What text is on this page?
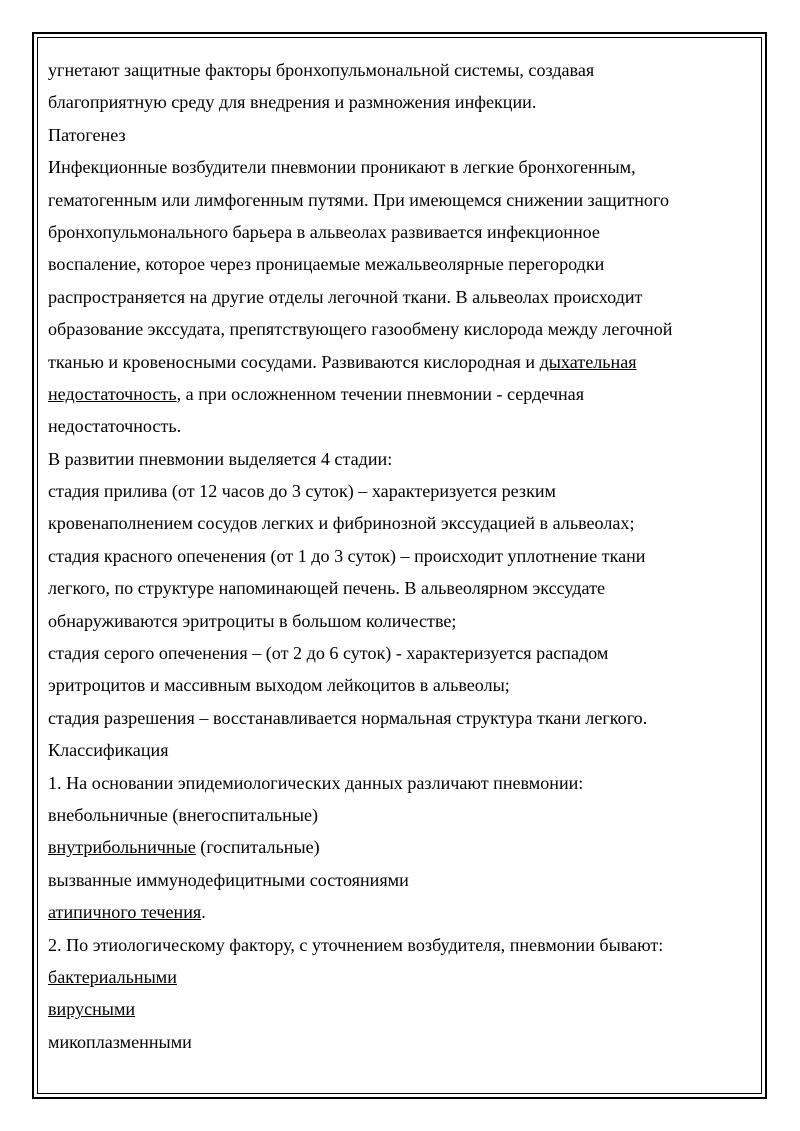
угнетают защитные факторы бронхопульмональной системы, создавая
благоприятную среду для внедрения и размножения инфекции.
Патогенез
Инфекционные возбудители пневмонии проникают в легкие бронхогенным,
гематогенным или лимфогенным путями. При имеющемся снижении защитного
бронхопульмонального барьера в альвеолах развивается инфекционное
воспаление, которое через проницаемые межальвеолярные перегородки
распространяется на другие отделы легочной ткани. В альвеолах происходит
образование экссудата, препятствующего газообмену кислорода между легочной
тканью и кровеносными сосудами. Развиваются кислородная и дыхательная
недостаточность, а при осложненном течении пневмонии - сердечная
недостаточность.
В развитии пневмонии выделяется 4 стадии:
стадия прилива (от 12 часов до 3 суток) – характеризуется резким
кровенаполнением сосудов легких и фибринозной экссудацией в альвеолах;
стадия красного опеченения (от 1 до 3 суток) – происходит уплотнение ткани
легкого, по структуре напоминающей печень. В альвеолярном экссудате
обнаруживаются эритроциты в большом количестве;
стадия серого опеченения – (от 2 до 6 суток) - характеризуется распадом
эритроцитов и массивным выходом лейкоцитов в альвеолы;
стадия разрешения – восстанавливается нормальная структура ткани легкого.
Классификация
1. На основании эпидемиологических данных различают пневмонии:
внебольничные (внегоспитальные)
внутрибольничные (госпитальные)
вызванные иммунодефицитными состояниями
атипичного течения.
2. По этиологическому фактору, с уточнением возбудителя, пневмонии бывают:
бактериальными
вирусными
микоплазменными
